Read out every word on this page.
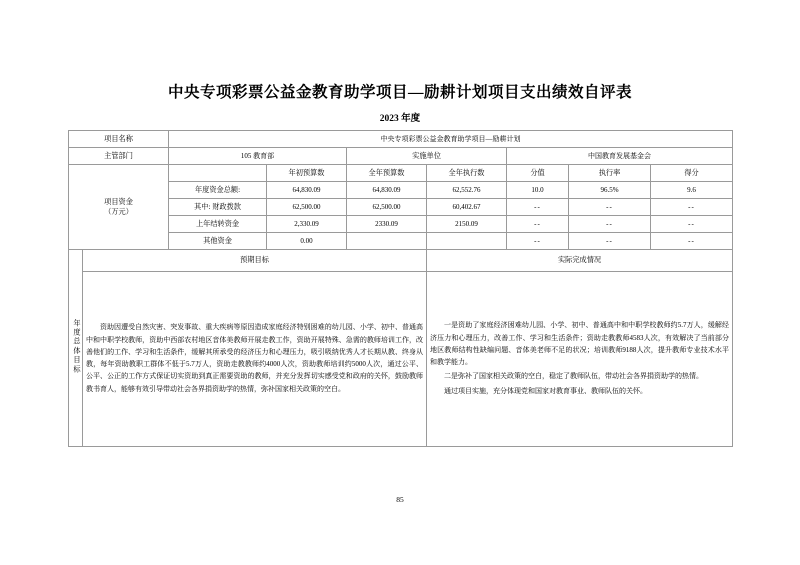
中央专项彩票公益金教育助学项目—励耕计划项目支出绩效自评表
2023 年度
项目名称		中央专项彩票公益金教育助学项目—励耕计划						
主管部门		105 教育部		实施单位		中国教育发展基金会		

项目资金
（万元）			年初预算数	全年预算数	全年执行数	分值	执行率	得分
		年度资金总额:	64,830.09	64,830.09	62,552.76	10.0	96.5%	9.6
		其中: 财政拨款	62,500.00	62,500.00	60,402.67	--	--	--
		上年结转资金	2,330.09	2330.09	2150.09	--	--	--
		其他资金	0.00			--	--	--
年度总体目标	预期目标				实际完成情况			

资助因遭受自然灾害、突发事故、重大疾病等原因造成家庭经济特别困难的幼儿园、小学、初中、普通高中和中职学校教师，资助中西部农村地区音体美教师开展走教工作，资助开展特殊、急需的教师培训工作，改善他们的工作、学习和生活条件，缓解其所承受的经济压力和心理压力，吸引吸纳优秀人才长期从教、终身从教，每年资助教职工群体不低于5.7万人，资助走教教师约4000人次，资助教师培训约5000人次，通过公平、公平、公正的工作方式保证切实资助到真正需要资助的教师，并充分发挥切实感受党和政府的关怀，鼓励教师教书育人，能够有效引导带动社会各界捐资助学的热情，弥补国家相关政策的空白。

一是资助了家庭经济困难幼儿园、小学、初中、普通高中和中职学校教师约5.7万人，缓解经济压力和心理压力，改善工作、学习和生活条件；资助走教教师4583人次，有效解决了当前部分地区教师结构性缺编问题、音体美老师不足的状况；培训教师9188人次，提升教师专业技术水平和教学能力。

二是弥补了国家相关政策的空白，稳定了教师队伍，带动社会各界捐资助学的热情。

通过项目实施，充分体现党和国家对教育事业、教师队伍的关怀。

85
